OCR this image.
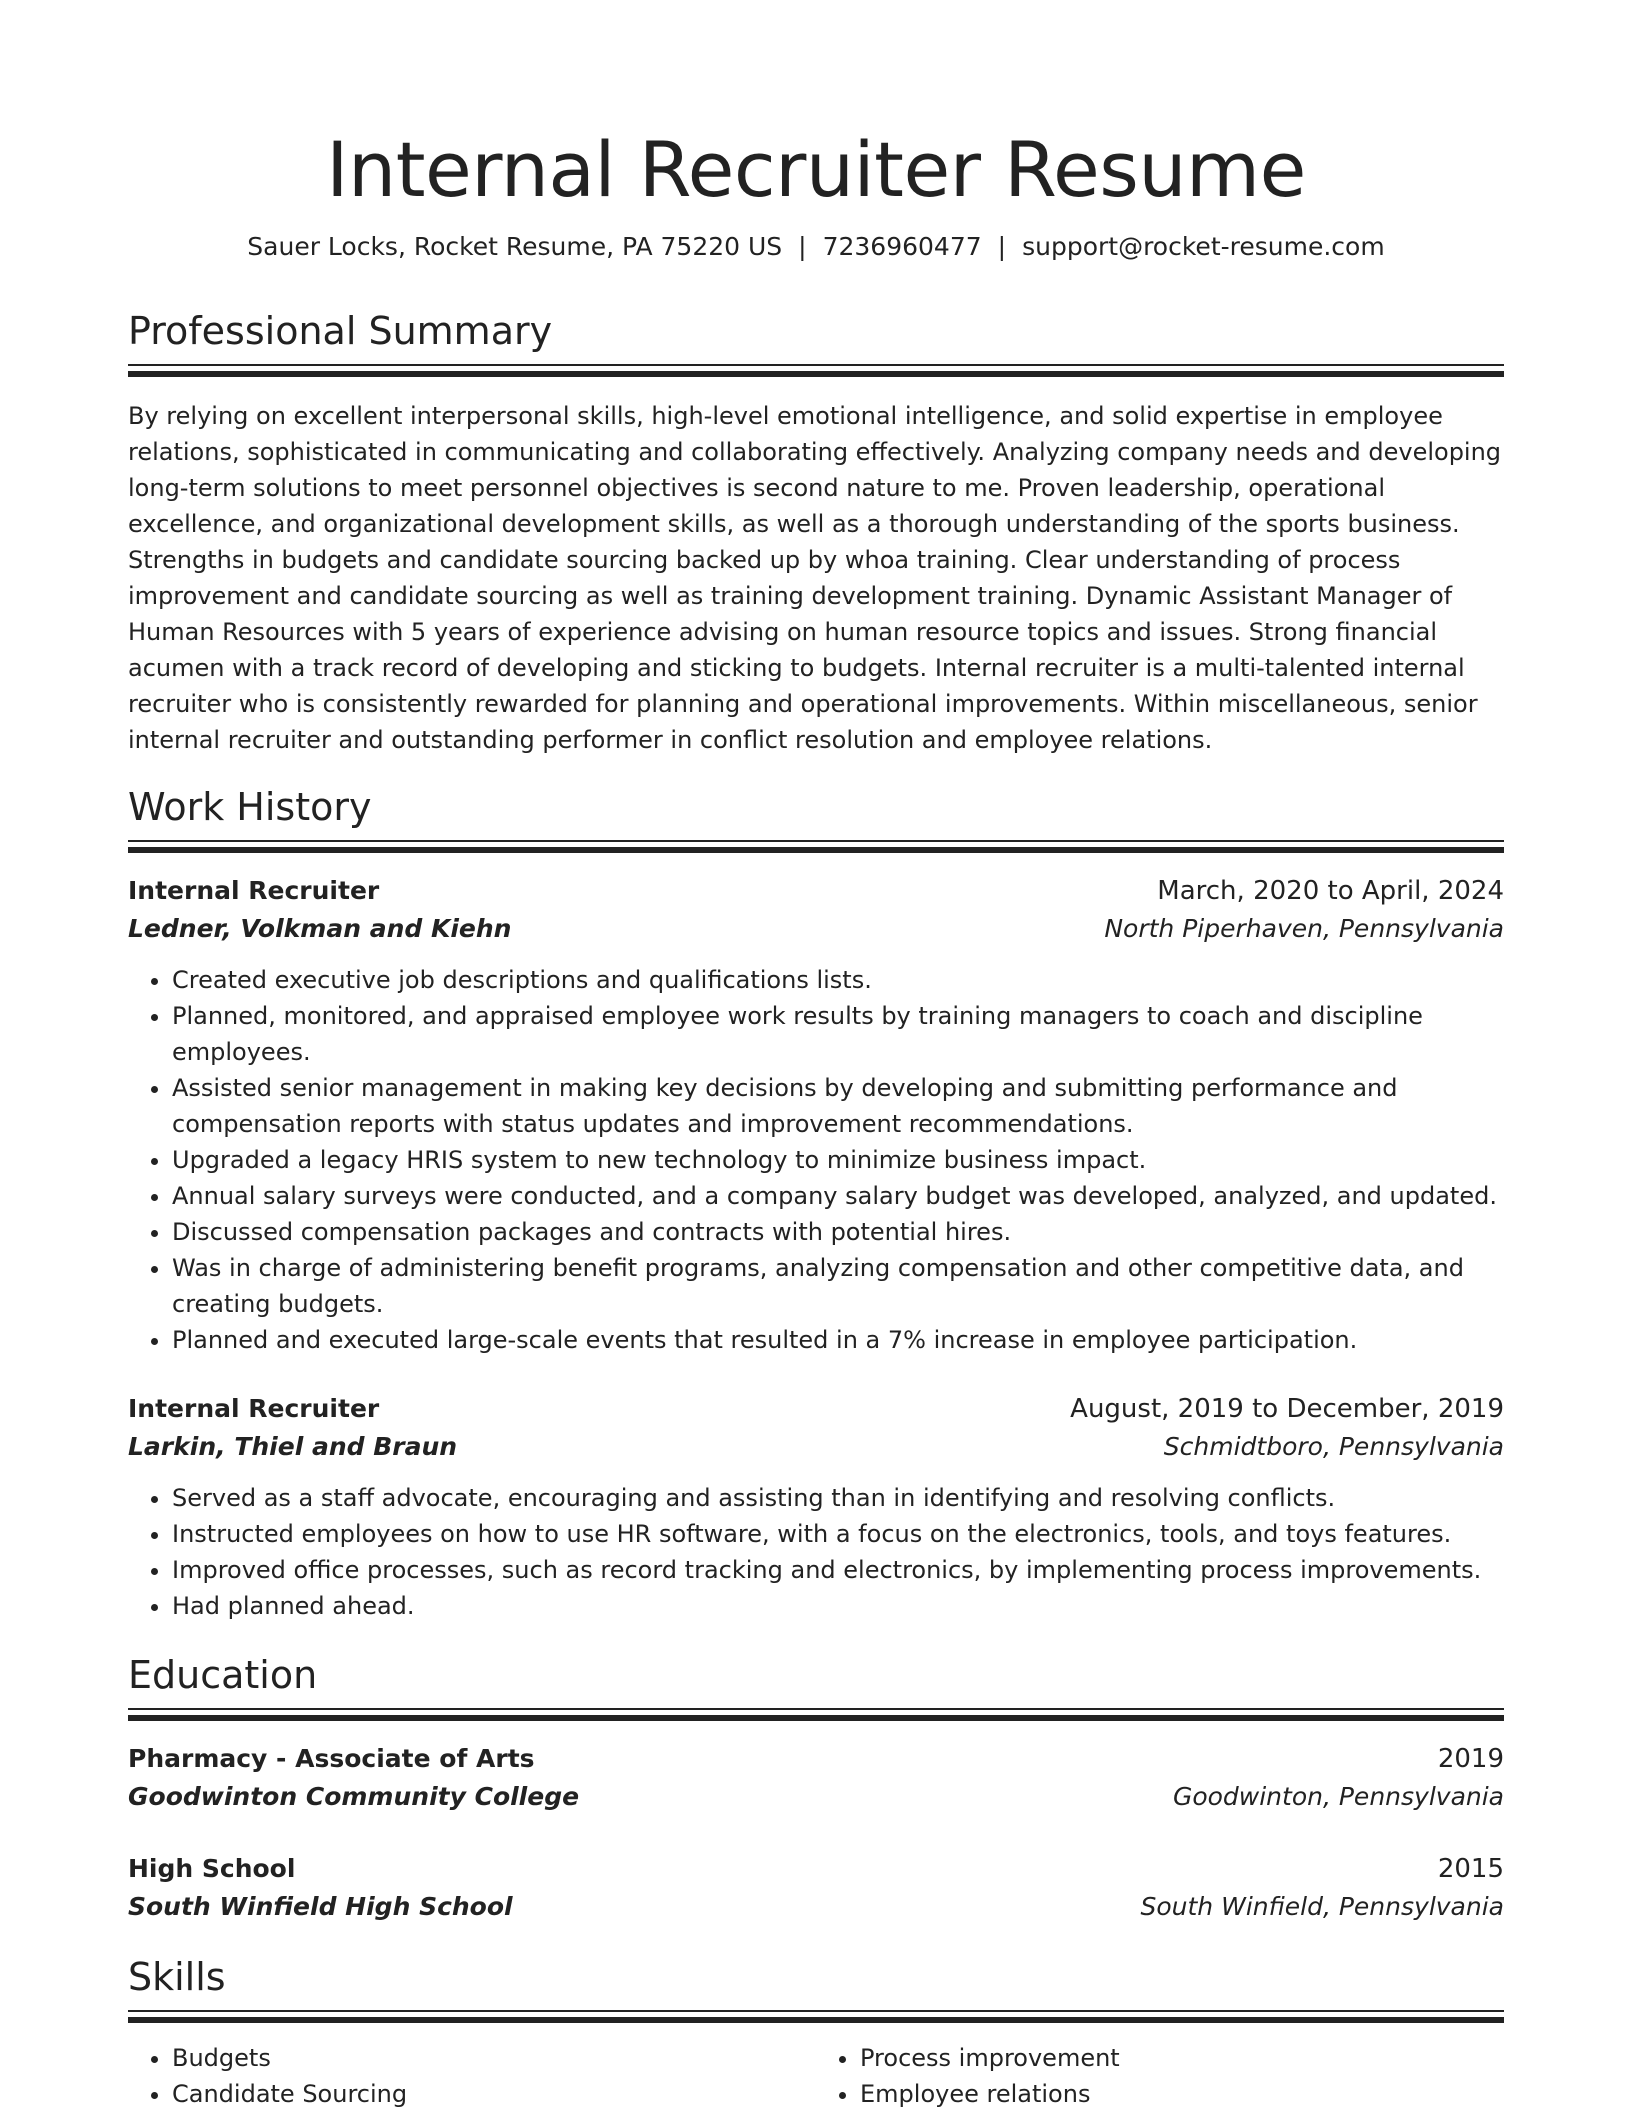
Internal Recruiter Resume
Sauer Locks, Rocket Resume, PA 75220 US | 7236960477 | support@rocket-resume.com
Professional Summary

By relying on excellent interpersonal skills, high-level emotional intelligence, and solid expertise in employee relations, sophisticated in communicating and collaborating effectively. Analyzing company needs and developing long-term solutions to meet personnel objectives is second nature to me. Proven leadership, operational excellence, and organizational development skills, as well as a thorough understanding of the sports business. Strengths in budgets and candidate sourcing backed up by whoa training. Clear understanding of process improvement and candidate sourcing as well as training development training. Dynamic Assistant Manager of Human Resources with 5 years of experience advising on human resource topics and issues. Strong financial acumen with a track record of developing and sticking to budgets. Internal recruiter is a multi-talented internal recruiter who is consistently rewarded for planning and operational improvements. Within miscellaneous, senior internal recruiter and outstanding performer in conflict resolution and employee relations.

Work History
Internal Recruiter	March, 2020 to April, 2024
Ledner, Volkman and Kiehn	North Piperhaven, Pennsylvania
• Created executive job descriptions and qualifications lists.
• Planned, monitored, and appraised employee work results by training managers to coach and discipline employees.
• Assisted senior management in making key decisions by developing and submitting performance and compensation reports with status updates and improvement recommendations.
• Upgraded a legacy HRIS system to new technology to minimize business impact.
• Annual salary surveys were conducted, and a company salary budget was developed, analyzed, and updated.
• Discussed compensation packages and contracts with potential hires.
• Was in charge of administering benefit programs, analyzing compensation and other competitive data, and creating budgets.
• Planned and executed large-scale events that resulted in a 7% increase in employee participation.
Internal Recruiter	August, 2019 to December, 2019
Larkin, Thiel and Braun	Schmidtboro, Pennsylvania
• Served as a staff advocate, encouraging and assisting than in identifying and resolving conflicts.
• Instructed employees on how to use HR software, with a focus on the electronics, tools, and toys features.
• Improved office processes, such as record tracking and electronics, by implementing process improvements.
• Had planned ahead.
Education
Pharmacy - Associate of Arts	2019
Goodwinton Community College	Goodwinton, Pennsylvania
High School	2015
South Winfield High School	South Winfield, Pennsylvania
Skills
• Budgets
• Candidate Sourcing
• Process improvement
• Employee relations
